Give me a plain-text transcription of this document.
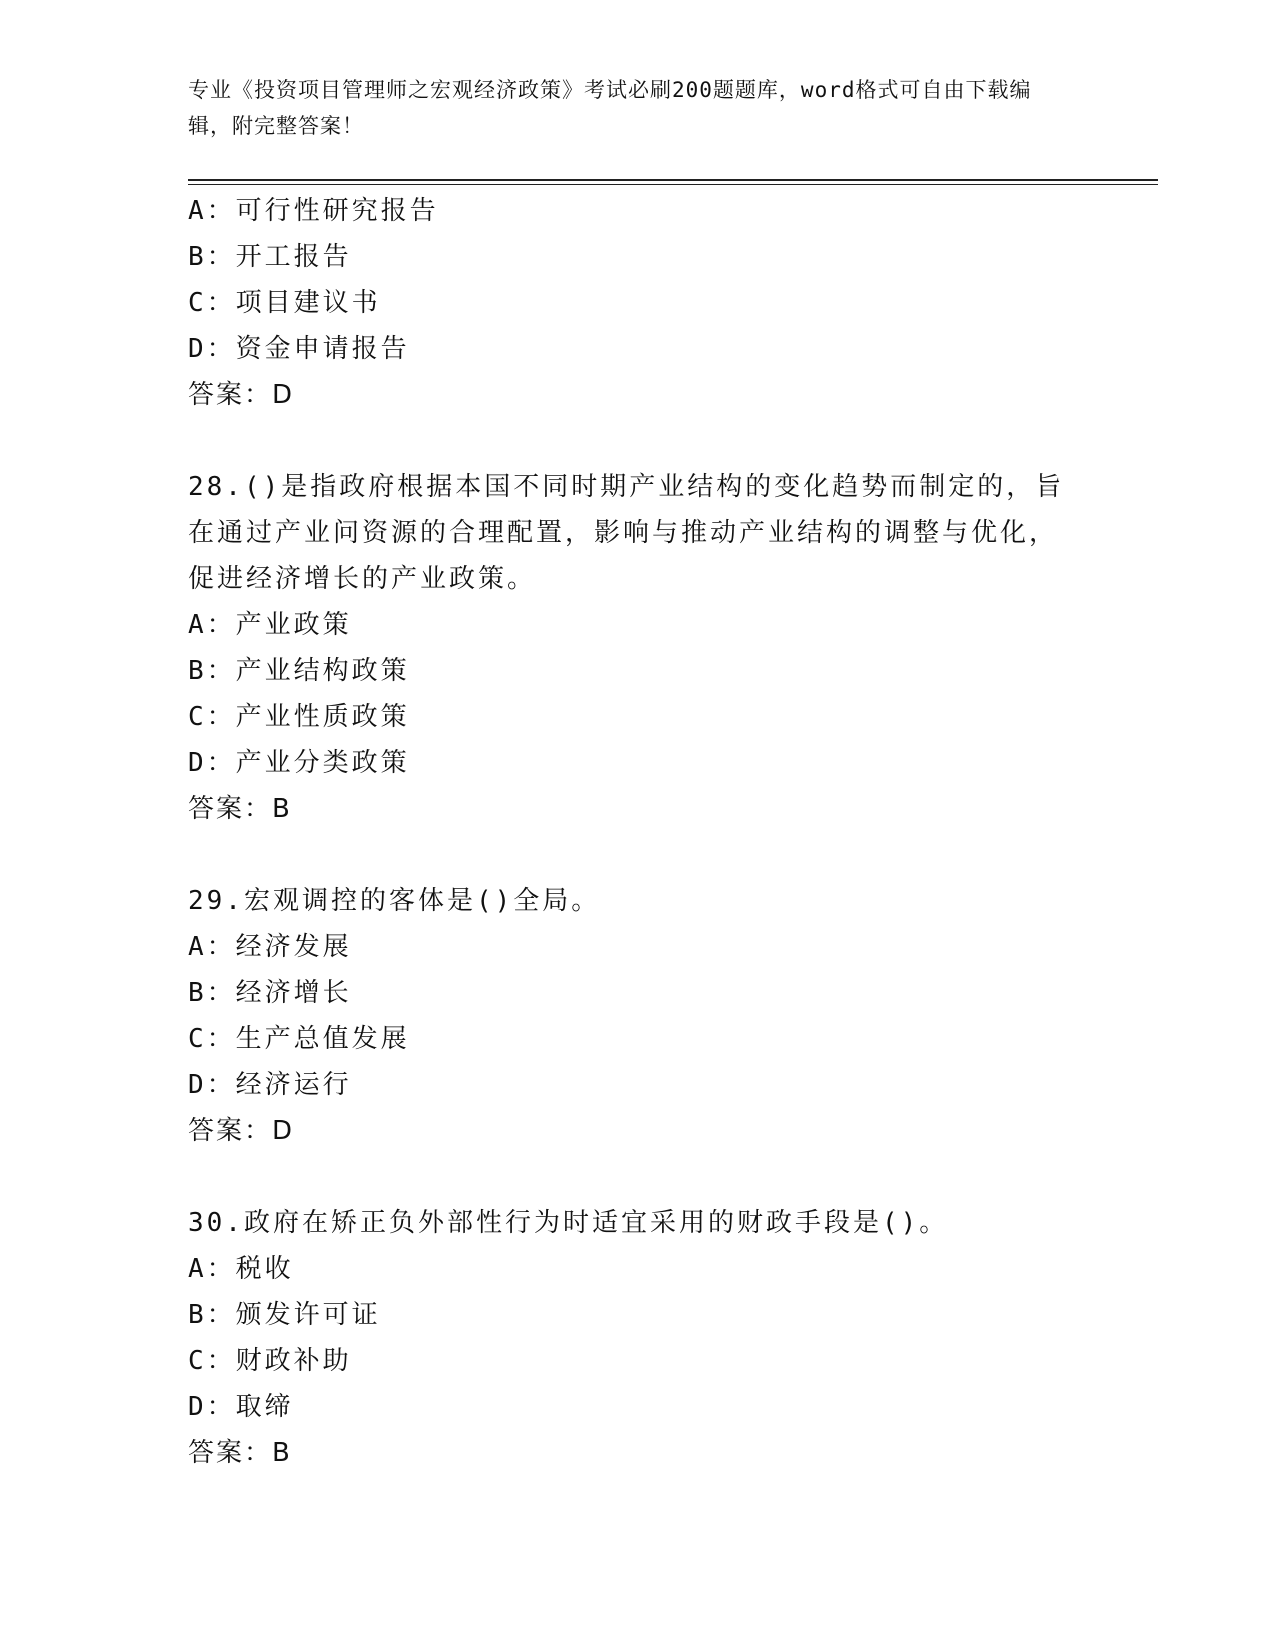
专业《投资项目管理师之宏观经济政策》考试必刷200题题库，word格式可自由下载编辑，附完整答案！
A：可行性研究报告
B：开工报告
C：项目建议书
D：资金申请报告
答案：D
28.()是指政府根据本国不同时期产业结构的变化趋势而制定的，旨在通过产业问资源的合理配置，影响与推动产业结构的调整与优化，促进经济增长的产业政策。
A：产业政策
B：产业结构政策
C：产业性质政策
D：产业分类政策
答案：B
29.宏观调控的客体是()全局。
A：经济发展
B：经济增长
C：生产总值发展
D：经济运行
答案：D
30.政府在矫正负外部性行为时适宜采用的财政手段是()。
A：税收
B：颁发许可证
C：财政补助
D：取缔
答案：B
